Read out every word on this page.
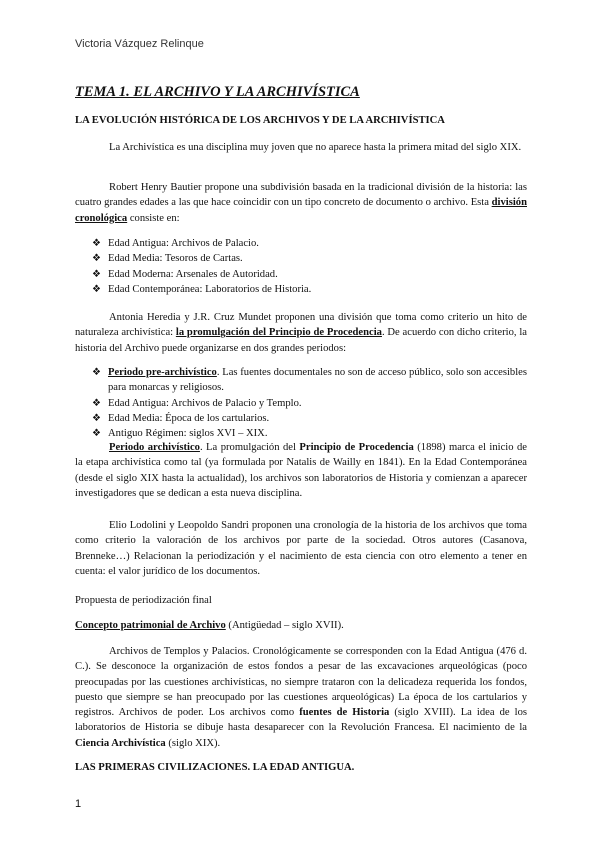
Victoria Vázquez Relinque
TEMA 1. EL ARCHIVO Y LA ARCHIVÍSTICA
LA EVOLUCIÓN HISTÓRICA DE LOS ARCHIVOS Y DE LA ARCHIVÍSTICA
La Archivística es una disciplina muy joven que no aparece hasta la primera mitad del siglo XIX.
Robert Henry Bautier propone una subdivisión basada en la tradicional división de la historia: las cuatro grandes edades a las que hace coincidir con un tipo concreto de documento o archivo. Esta división cronológica consiste en:
❖ Edad Antigua: Archivos de Palacio.
❖ Edad Media: Tesoros de Cartas.
❖ Edad Moderna: Arsenales de Autoridad.
❖ Edad Contemporánea: Laboratorios de Historia.
Antonia Heredia y J.R. Cruz Mundet proponen una división que toma como criterio un hito de naturaleza archivística: la promulgación del Principio de Procedencia. De acuerdo con dicho criterio, la historia del Archivo puede organizarse en dos grandes periodos:
❖ Periodo pre-archivístico. Las fuentes documentales no son de acceso público, solo son accesibles para monarcas y religiosos.
❖ Edad Antigua: Archivos de Palacio y Templo.
❖ Edad Media: Época de los cartularios.
❖ Antiguo Régimen: siglos XVI – XIX.
Periodo archivístico. La promulgación del Principio de Procedencia (1898) marca el inicio de la etapa archivística como tal (ya formulada por Natalis de Wailly en 1841). En la Edad Contemporánea (desde el siglo XIX hasta la actualidad), los archivos son laboratorios de Historia y comienzan a aparecer investigadores que se dedican a esta nueva disciplina.
Elio Lodolini y Leopoldo Sandri proponen una cronología de la historia de los archivos que toma como criterio la valoración de los archivos por parte de la sociedad. Otros autores (Casanova, Brenneke…) Relacionan la periodización y el nacimiento de esta ciencia con otro elemento a tener en cuenta: el valor jurídico de los documentos.
Propuesta de periodización final
Concepto patrimonial de Archivo (Antigüedad – siglo XVII).
Archivos de Templos y Palacios. Cronológicamente se corresponden con la Edad Antigua (476 d. C.). Se desconoce la organización de estos fondos a pesar de las excavaciones arqueológicas (poco preocupadas por las cuestiones archivísticas, no siempre trataron con la delicadeza requerida los fondos, puesto que siempre se han preocupado por las cuestiones arqueológicas) La época de los cartularios y registros. Archivos de poder. Los archivos como fuentes de Historia (siglo XVIII). La idea de los laboratorios de Historia se dibuje hasta desaparecer con la Revolución Francesa. El nacimiento de la Ciencia Archivística (siglo XIX).
LAS PRIMERAS CIVILIZACIONES. LA EDAD ANTIGUA.
1
